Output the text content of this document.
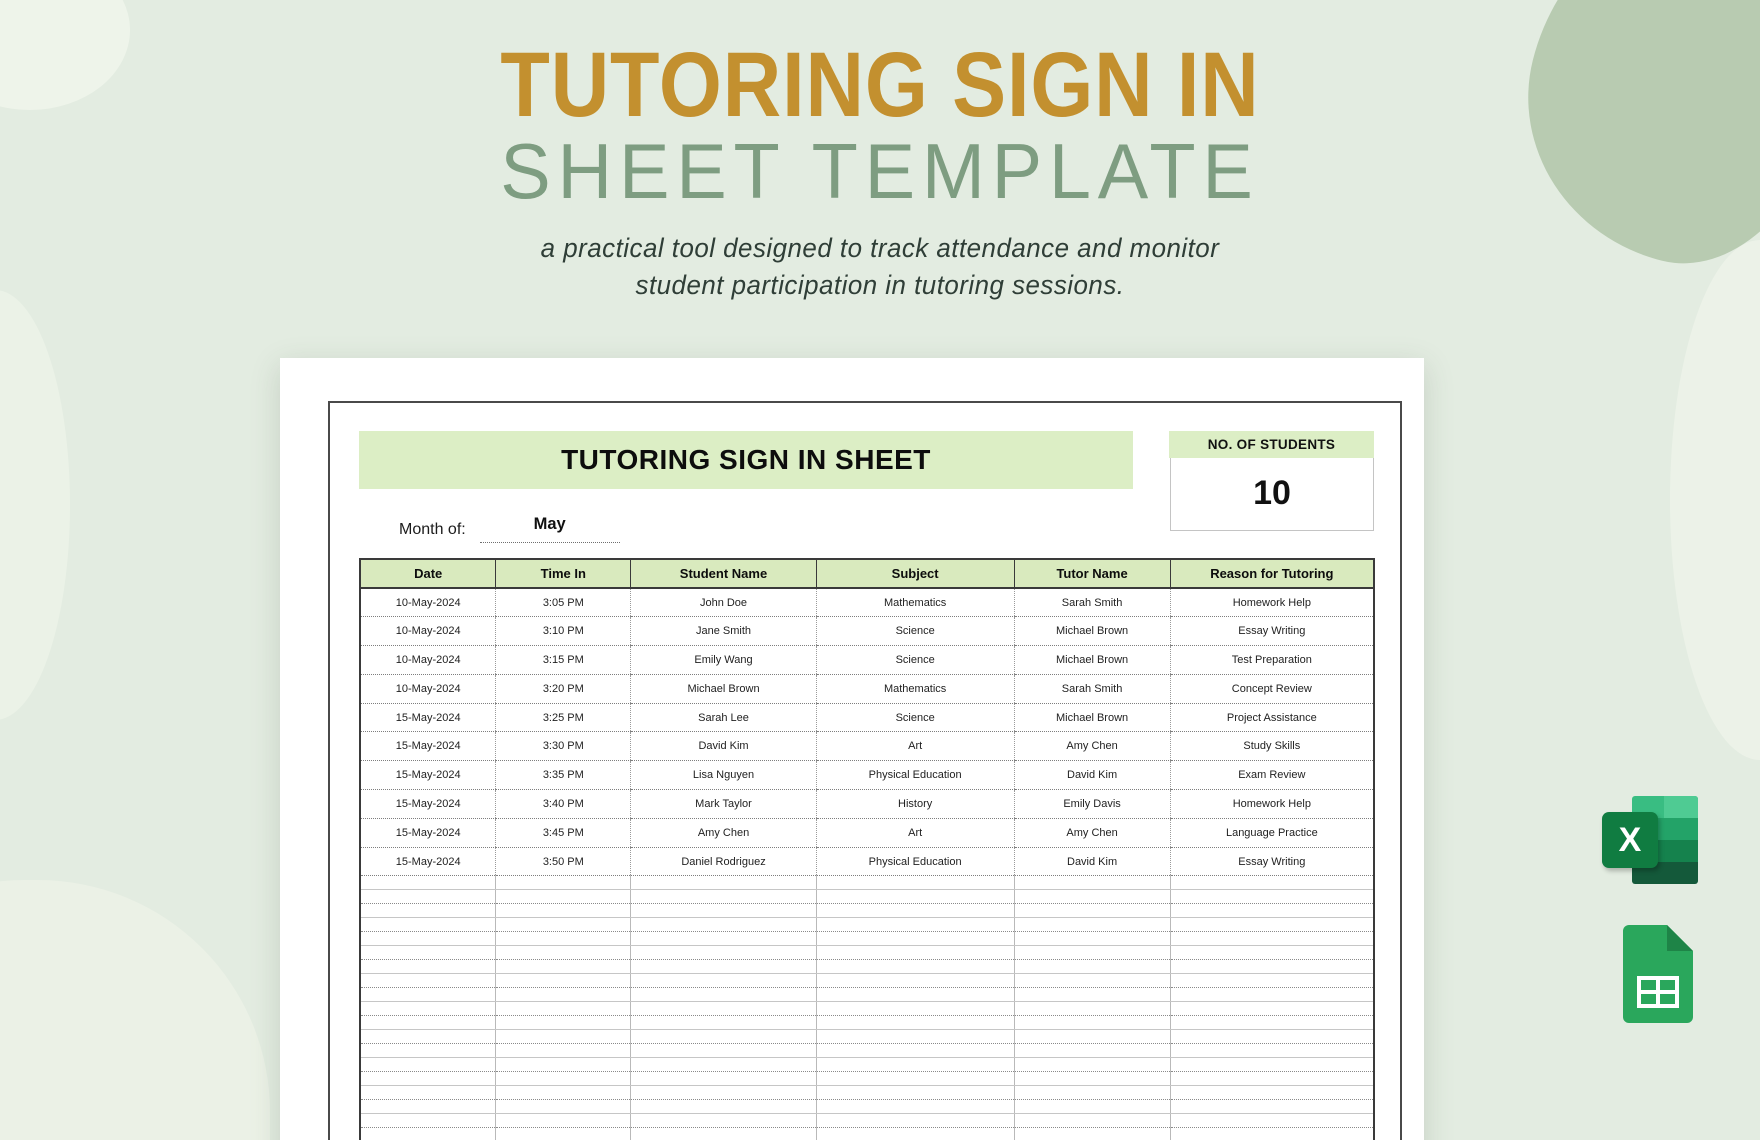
TUTORING SIGN IN
SHEET TEMPLATE
a practical tool designed to track attendance and monitor
student participation in tutoring sessions.
TUTORING SIGN IN SHEET	NO. OF STUDENTS
10
Month of:	May
Date	Time In	Student Name	Subject	Tutor Name	Reason for Tutoring
10-May-2024	3:05 PM	John Doe	Mathematics	Sarah Smith	Homework Help
10-May-2024	3:10 PM	Jane Smith	Science	Michael Brown	Essay Writing
10-May-2024	3:15 PM	Emily Wang	Science	Michael Brown	Test Preparation
10-May-2024	3:20 PM	Michael Brown	Mathematics	Sarah Smith	Concept Review
15-May-2024	3:25 PM	Sarah Lee	Science	Michael Brown	Project Assistance
15-May-2024	3:30 PM	David Kim	Art	Amy Chen	Study Skills
15-May-2024	3:35 PM	Lisa Nguyen	Physical Education	David Kim	Exam Review
15-May-2024	3:40 PM	Mark Taylor	History	Emily Davis	Homework Help
15-May-2024	3:45 PM	Amy Chen	Art	Amy Chen	Language Practice
15-May-2024	3:50 PM	Daniel Rodriguez	Physical Education	David Kim	Essay Writing

X
